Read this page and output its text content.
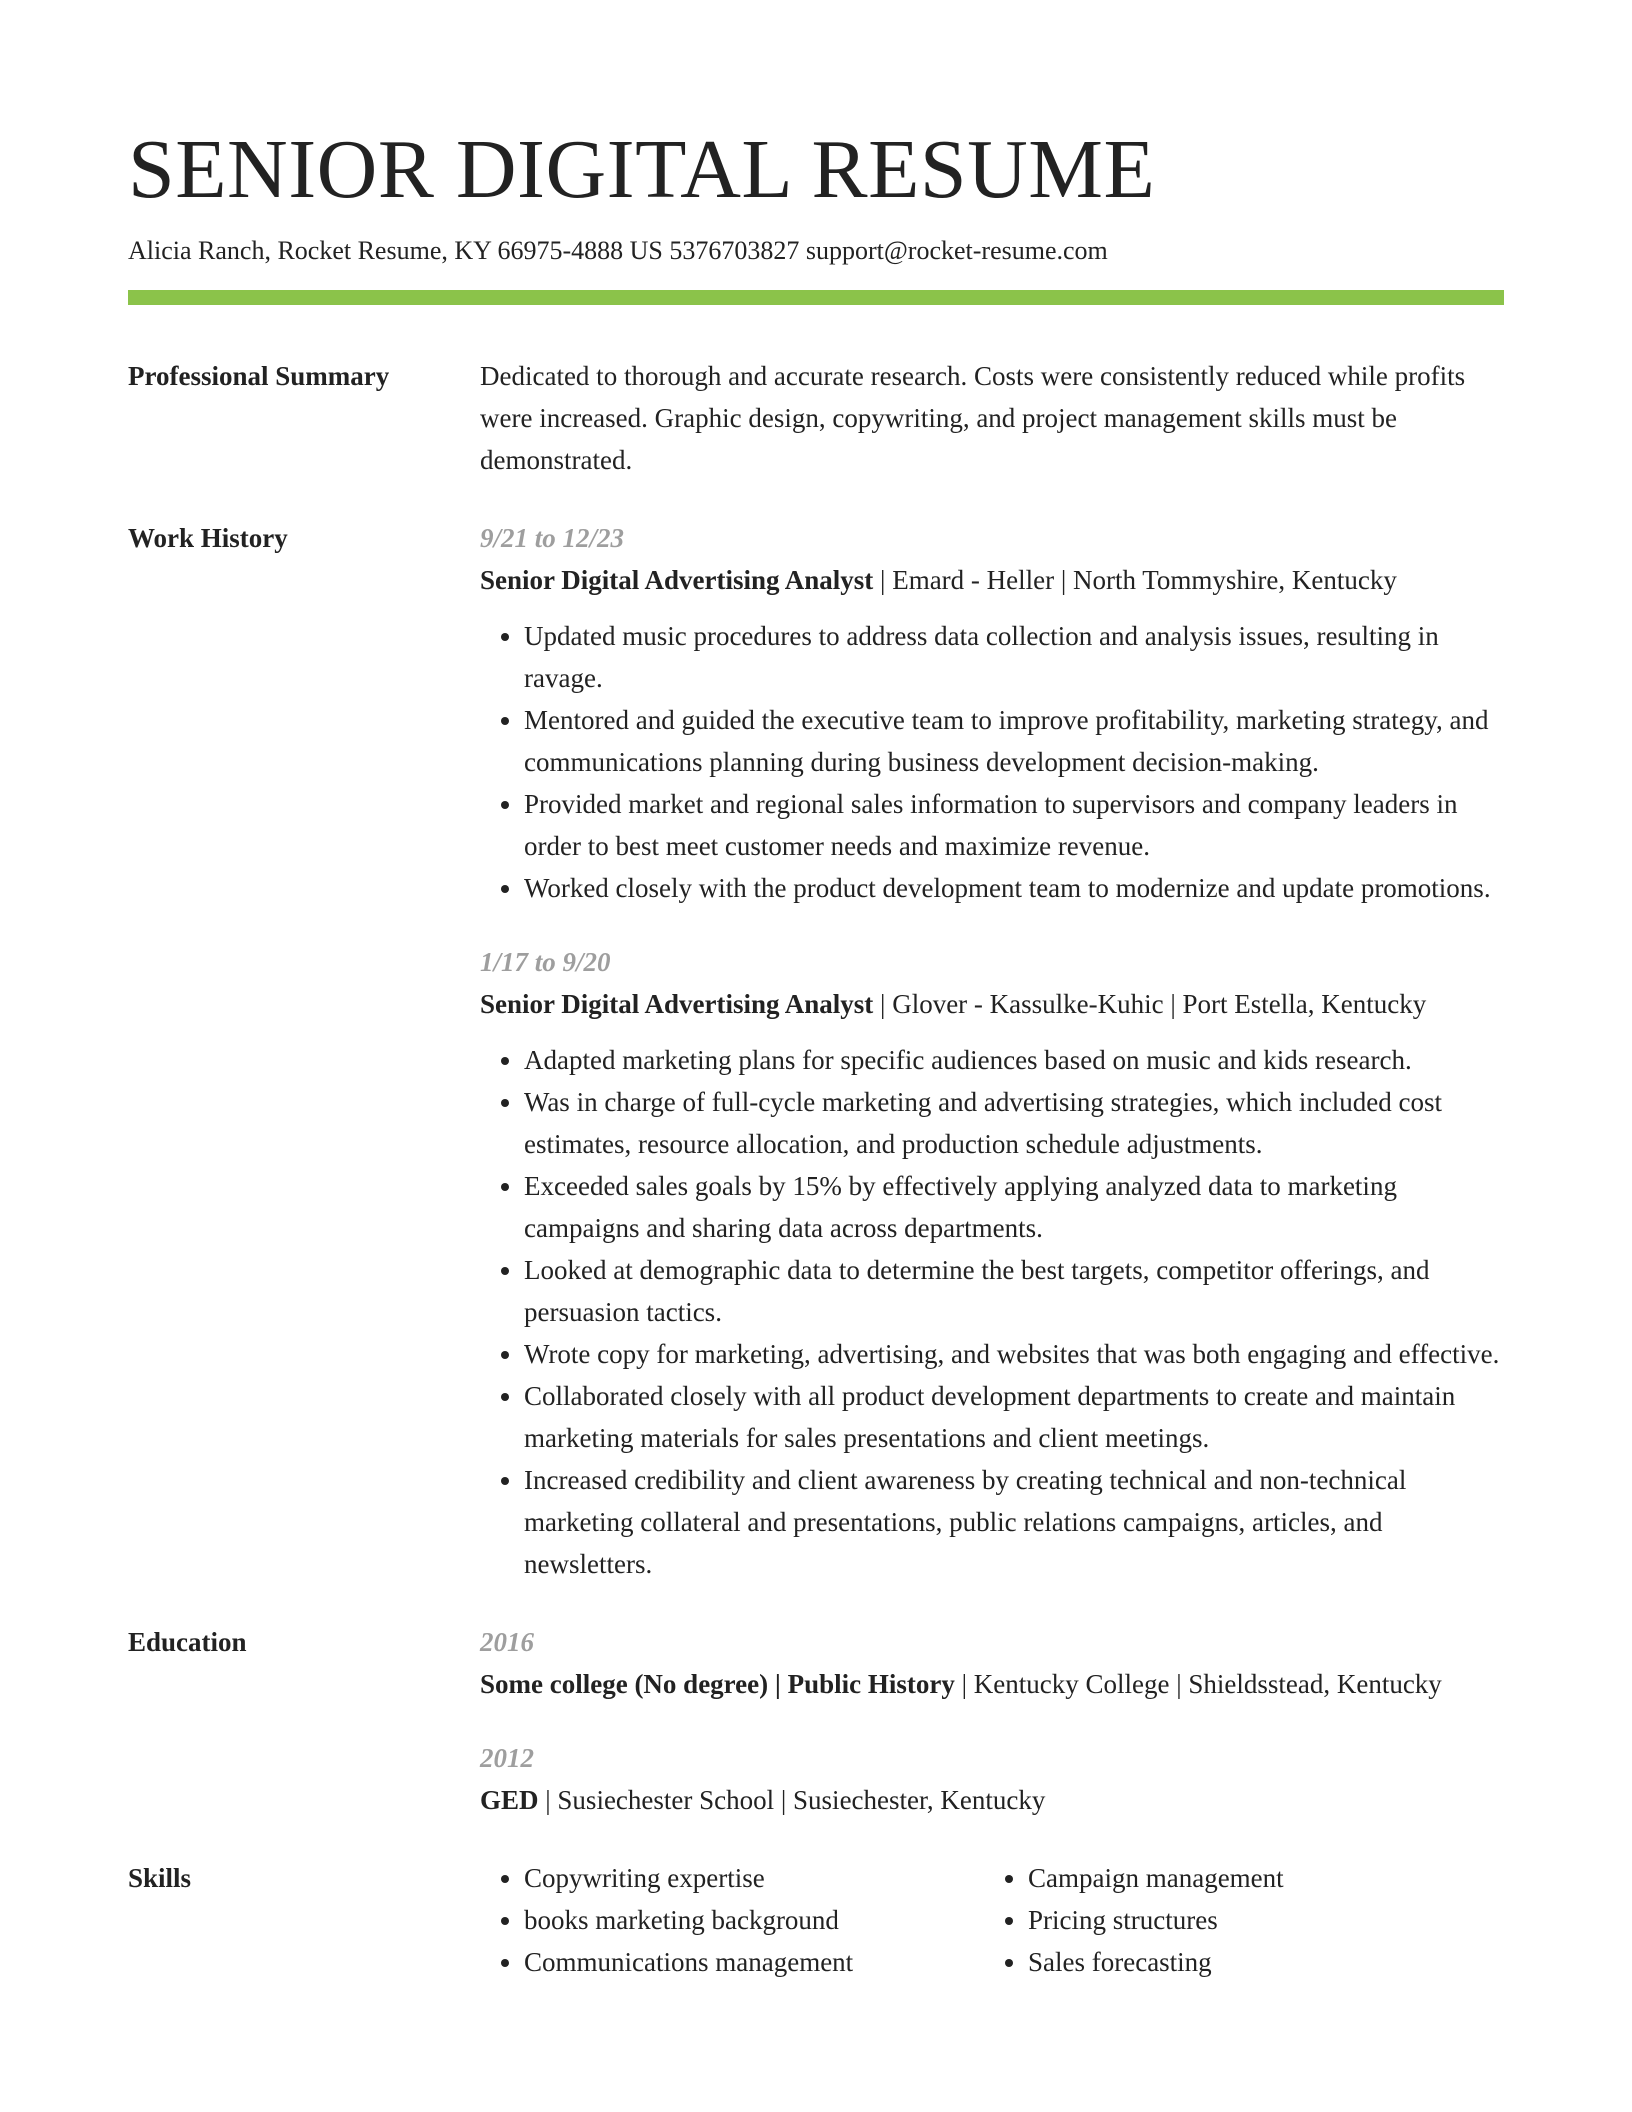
SENIOR DIGITAL RESUME
Alicia Ranch, Rocket Resume, KY 66975-4888 US 5376703827 support@rocket-resume.com
Professional Summary	Dedicated to thorough and accurate research. Costs were consistently reduced while profits were increased. Graphic design, copywriting, and project management skills must be demonstrated.

Work History	9/21 to 12/23
Senior Digital Advertising Analyst | Emard - Heller | North Tommyshire, Kentucky
• Updated music procedures to address data collection and analysis issues, resulting in ravage.
• Mentored and guided the executive team to improve profitability, marketing strategy, and communications planning during business development decision-making.
• Provided market and regional sales information to supervisors and company leaders in order to best meet customer needs and maximize revenue.
• Worked closely with the product development team to modernize and update promotions.
1/17 to 9/20
Senior Digital Advertising Analyst | Glover - Kassulke-Kuhic | Port Estella, Kentucky
• Adapted marketing plans for specific audiences based on music and kids research.
• Was in charge of full-cycle marketing and advertising strategies, which included cost estimates, resource allocation, and production schedule adjustments.
• Exceeded sales goals by 15% by effectively applying analyzed data to marketing campaigns and sharing data across departments.
• Looked at demographic data to determine the best targets, competitor offerings, and persuasion tactics.
• Wrote copy for marketing, advertising, and websites that was both engaging and effective.
• Collaborated closely with all product development departments to create and maintain marketing materials for sales presentations and client meetings.
• Increased credibility and client awareness by creating technical and non-technical marketing collateral and presentations, public relations campaigns, articles, and newsletters.
Education	2016
Some college (No degree) | Public History | Kentucky College | Shieldsstead, Kentucky
2012
GED | Susiechester School | Susiechester, Kentucky
Skills
•	Copywriting expertise
• books marketing background
• Communications management
• Campaign management
• Pricing structures
• Sales forecasting
